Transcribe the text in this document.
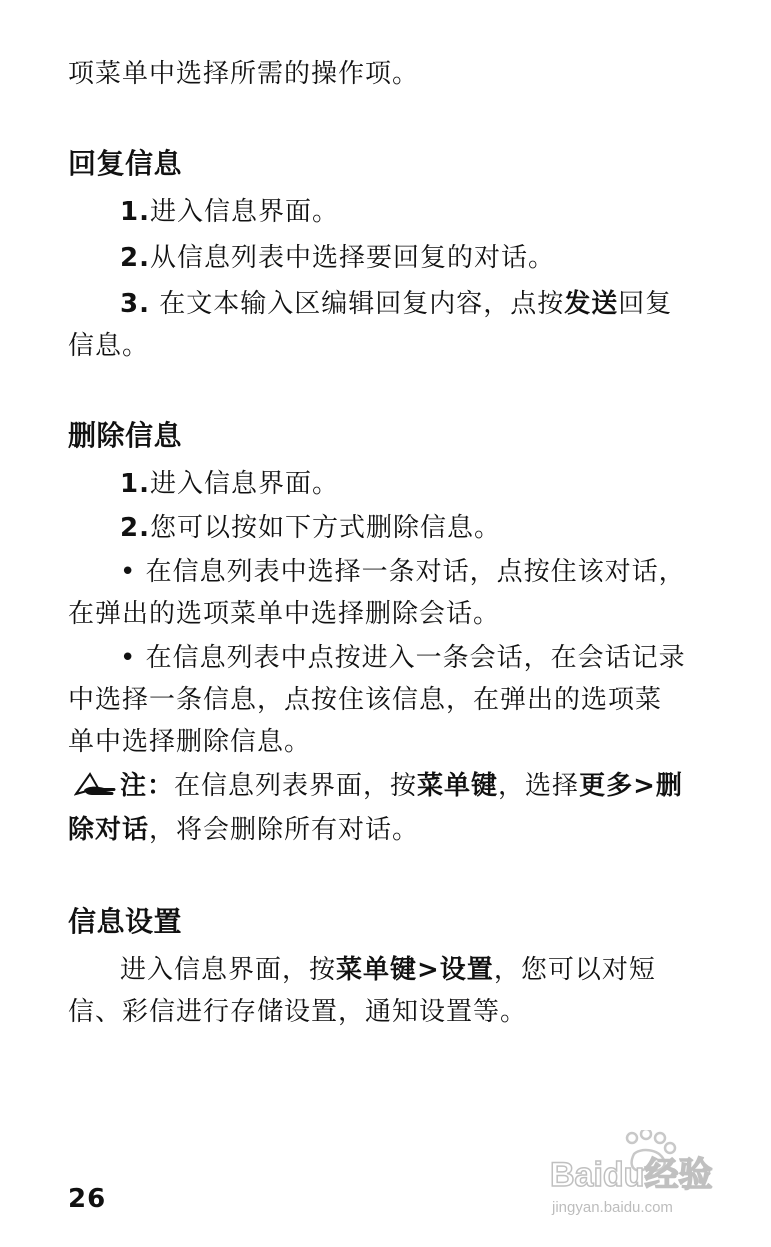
项菜单中选择所需的操作项。
回复信息
1.进入信息界面。
2.从信息列表中选择要回复的对话。
3. 在文本输入区编辑回复内容，点按发送回复
信息。
删除信息
1.进入信息界面。
2.您可以按如下方式删除信息。
• 在信息列表中选择一条对话，点按住该对话，
在弹出的选项菜单中选择删除会话。
• 在信息列表中点按进入一条会话，在会话记录
中选择一条信息，点按住该信息，在弹出的选项菜
单中选择删除信息。
注：在信息列表界面，按菜单键，选择更多>删
除对话，将会删除所有对话。
信息设置
进入信息界面，按菜单键>设置，您可以对短
信、彩信进行存储设置，通知设置等。
Baidu经验
jingyan.baidu.com
26
